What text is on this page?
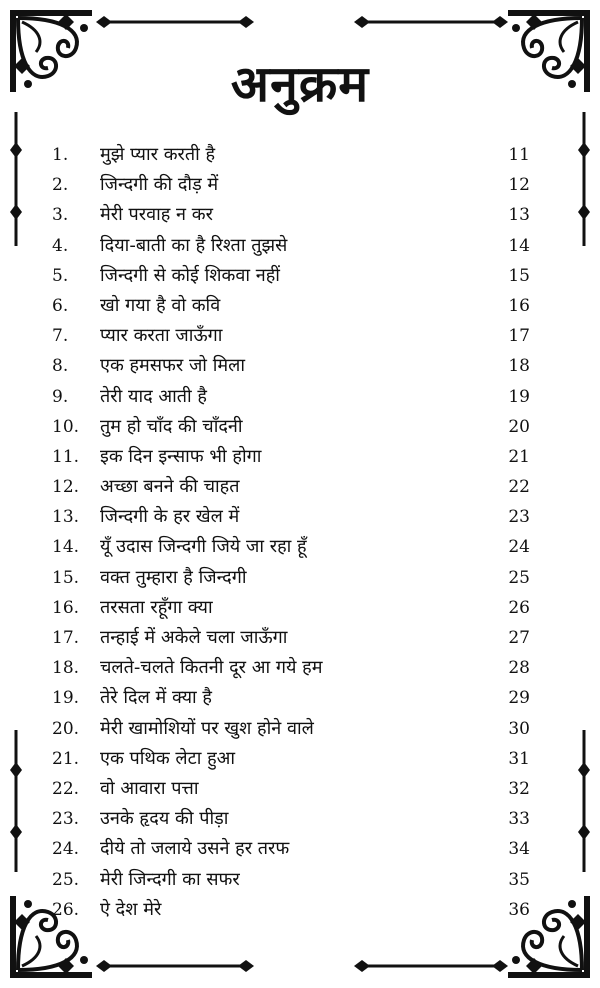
अनुक्रम
1. मुझे प्यार करती है	11
2. जिन्दगी की दौड़ में	12
3. मेरी परवाह न कर	13
4. दिया-बाती का है रिश्ता तुझसे	14
5. जिन्दगी से कोई शिकवा नहीं	15
6. खो गया है वो कवि	16
7. प्यार करता जाऊँगा	17
8. एक हमसफर जो मिला	18
9. तेरी याद आती है	19
10. तुम हो चाँद की चाँदनी	20
11. इक दिन इन्साफ भी होगा	21
12. अच्छा बनने की चाहत	22
13. जिन्दगी के हर खेल में	23
14. यूँ उदास जिन्दगी जिये जा रहा हूँ	24
15. वक्त तुम्हारा है जिन्दगी	25
16. तरसता रहूँगा क्या	26
17. तन्हाई में अकेले चला जाऊँगा	27
18. चलते-चलते कितनी दूर आ गये हम	28
19. तेरे दिल में क्या है	29
20. मेरी खामोशियों पर खुश होने वाले	30
21. एक पथिक लेटा हुआ	31
22. वो आवारा पत्ता	32
23. उनके हृदय की पीड़ा	33
24. दीये तो जलाये उसने हर तरफ	34
25. मेरी जिन्दगी का सफर	35
26. ऐ देश मेरे	36
